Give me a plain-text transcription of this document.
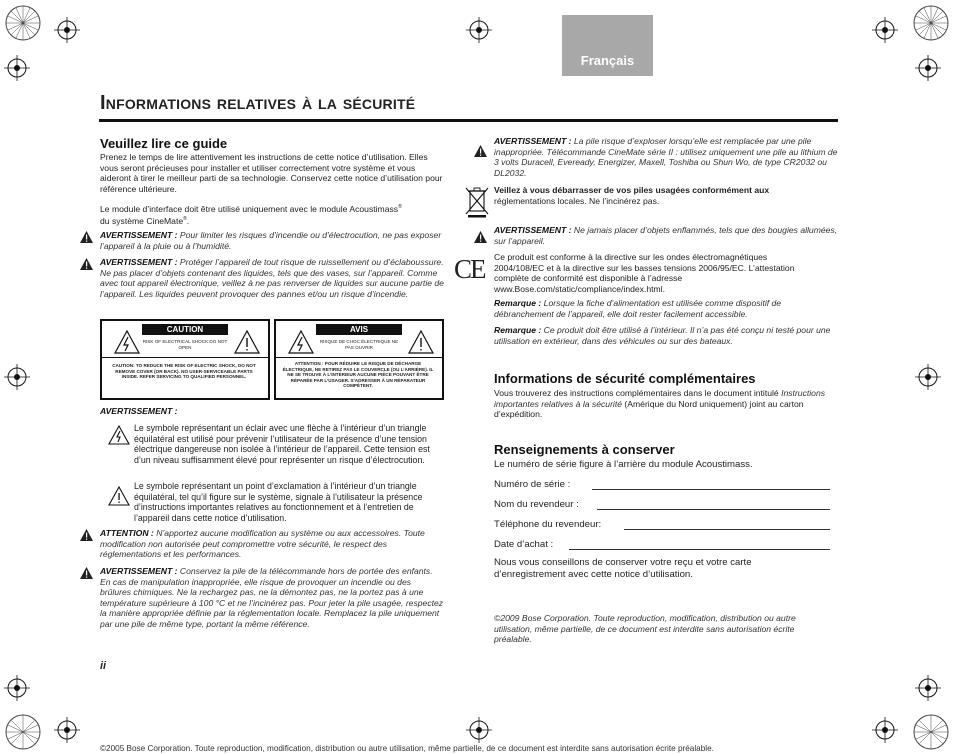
Français
Informations relatives à la sécurité
Veuillez lire ce guide
Prenez le temps de lire attentivement les instructions de cette notice d’utilisation. Elles vous seront précieuses pour installer et utiliser correctement votre système et vous aideront à tirer le meilleur parti de sa technologie. Conservez cette notice d’utilisation pour référence ultérieure.
Le module d’interface doit être utilisé uniquement avec le module Acoustimass®
du système CineMate®.
AVERTISSEMENT : Pour limiter les risques d’incendie ou d’électrocution, ne pas exposer l’appareil à la pluie ou à l’humidité.
AVERTISSEMENT : Protéger l’appareil de tout risque de ruissellement ou d’éclaboussure. Ne pas placer d’objets contenant des liquides, tels que des vases, sur l’appareil. Comme avec tout appareil électronique, veillez à ne pas renverser de liquides sur aucune partie de l’appareil. Les liquides peuvent provoquer des pannes et/ou un risque d’incendie.
CAUTION
RISK OF ELECTRICAL SHOCK DO NOT OPEN
CAUTION: TO REDUCE THE RISK OF ELECTRIC SHOCK, DO NOT REMOVE COVER (OR BACK). NO USER-SERVICEABLE PARTS INSIDE. REFER SERVICING TO QUALIFIED PERSONNEL.
AVIS
RISQUE DE CHOC ÉLECTRIQUE NE PAS OUVRIR
ATTENTION : POUR RÉDUIRE LE RISQUE DE DÉCHARGE ÉLECTRIQUE, NE RETIREZ PAS LE COUVERCLE (OU L’ARRIÈRE). IL NE SE TROUVE À L’INTÉRIEUR AUCUNE PIÈCE POUVANT ÊTRE RÉPARÉE PAR L’USAGER. S’ADRESSER À UN RÉPARATEUR COMPÉTENT.
AVERTISSEMENT :
Le symbole représentant un éclair avec une flèche à l’intérieur d’un triangle équilatéral est utilisé pour prévenir l’utilisateur de la présence d’une tension électrique dangereuse non isolée à l’intérieur de l’appareil. Cette tension est d’un niveau suffisamment élevé pour représenter un risque d’électrocution.
Le symbole représentant un point d’exclamation à l’intérieur d’un triangle équilatéral, tel qu’il figure sur le système, signale à l’utilisateur la présence d’instructions importantes relatives au fonctionnement et à l’entretien de l’appareil dans cette notice d’utilisation.
ATTENTION : N’apportez aucune modification au système ou aux accessoires. Toute modification non autorisée peut compromettre votre sécurité, le respect des réglementations et les performances.
AVERTISSEMENT : Conservez la pile de la télécommande hors de portée des enfants. En cas de manipulation inappropriée, elle risque de provoquer un incendie ou des brûlures chimiques. Ne la rechargez pas, ne la démontez pas, ne la portez pas à une température supérieure à 100 °C et ne l’incinérez pas. Pour jeter la pile usagée, respectez la manière appropriée définie par la réglementation locale. Remplacez la pile uniquement par une pile de même type, portant la même référence.
ii
AVERTISSEMENT : La pile risque d’exploser lorsqu’elle est remplacée par une pile inappropriée. Télécommande CineMate série II : utilisez uniquement une pile au lithium de 3 volts Duracell, Eveready, Energizer, Maxell, Toshiba ou Shun Wo, de type CR2032 ou DL2032.
Veillez à vous débarrasser de vos piles usagées conformément aux
réglementations locales. Ne l’incinérez pas.
AVERTISSEMENT : Ne jamais placer d’objets enflammés, tels que des bougies allumées, sur l’appareil.
CE Ce produit est conforme à la directive sur les ondes électromagnétiques 2004/108/EC et à la directive sur les basses tensions 2006/95/EC. L’attestation complète de conformité est disponible à l’adresse www.Bose.com/static/compliance/index.html.
Remarque : Lorsque la fiche d’alimentation est utilisée comme dispositif de débranchement de l’appareil, elle doit rester facilement accessible.
Remarque : Ce produit doit être utilisé à l’intérieur. Il n’a pas été conçu ni testé pour une utilisation en extérieur, dans des véhicules ou sur des bateaux.
Informations de sécurité complémentaires
Vous trouverez des instructions complémentaires dans le document intitulé Instructions importantes relatives à la sécurité (Amérique du Nord uniquement) joint au carton d’expédition.
Renseignements à conserver
Le numéro de série figure à l’arrière du module Acoustimass.
Numéro de série :
Nom du revendeur :
Téléphone du revendeur:
Date d’achat :
Nous vous conseillons de conserver votre reçu et votre carte d’enregistrement avec cette notice d’utilisation.
©2009 Bose Corporation. Toute reproduction, modification, distribution ou autre utilisation, même partielle, de ce document est interdite sans autorisation écrite préalable.
©2005 Bose Corporation. Toute reproduction, modification, distribution ou autre utilisation, même partielle, de ce document est interdite sans autorisation écrite préalable.
